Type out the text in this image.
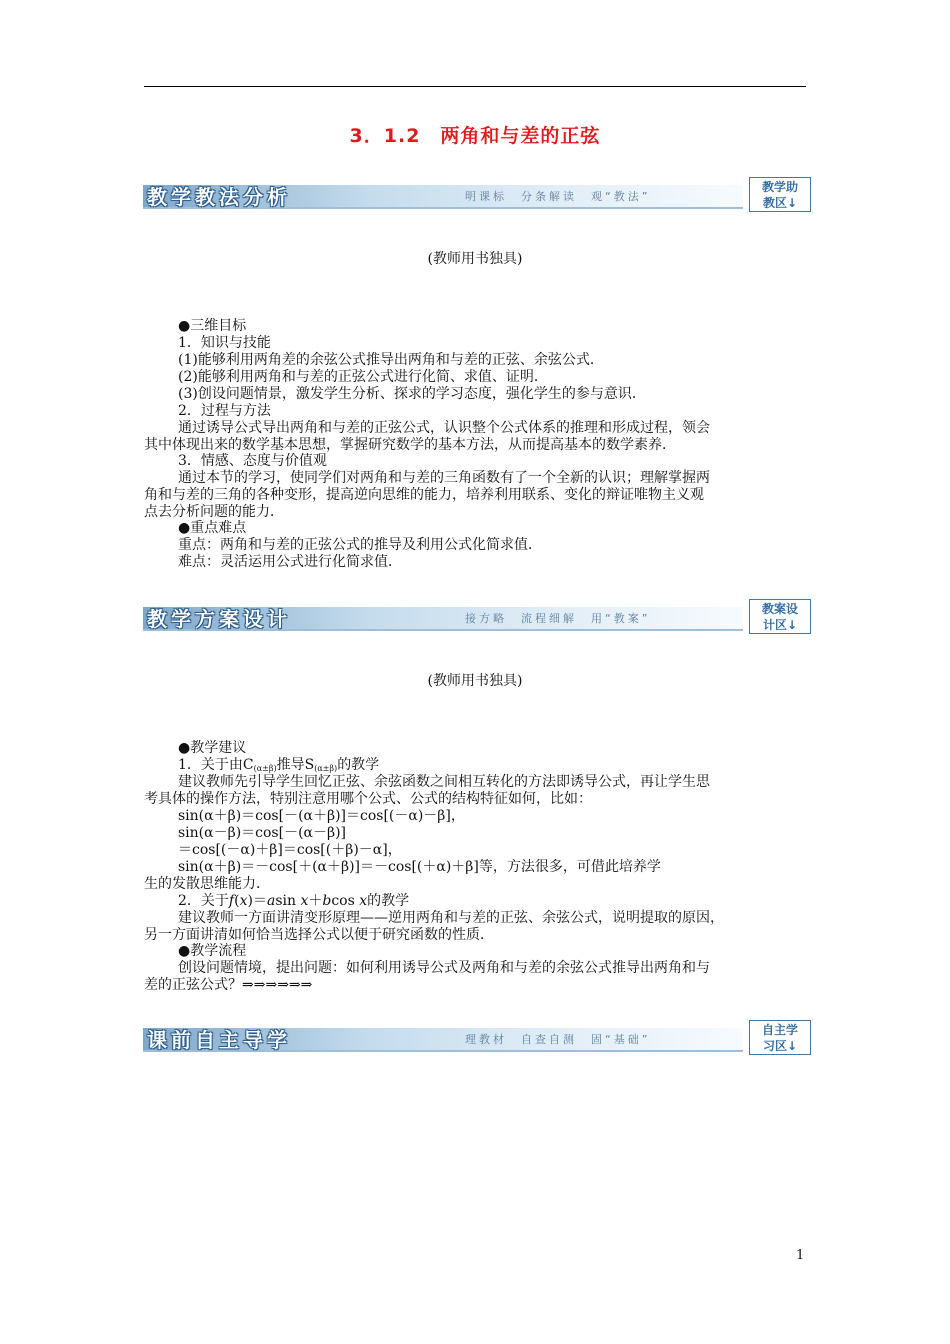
3．1.2　两角和与差的正弦
教学教法分析	明课标　分条解读　观“教法”
教学助
教区↓
(教师用书独具)
●三维目标
1．知识与技能
(1)能够利用两角差的余弦公式推导出两角和与差的正弦、余弦公式．
(2)能够利用两角和与差的正弦公式进行化简、求值、证明．
(3)创设问题情景，激发学生分析、探求的学习态度，强化学生的参与意识．
2．过程与方法
通过诱导公式导出两角和与差的正弦公式，认识整个公式体系的推理和形成过程，领会
其中体现出来的数学基本思想，掌握研究数学的基本方法，从而提高基本的数学素养．
3．情感、态度与价值观
通过本节的学习，使同学们对两角和与差的三角函数有了一个全新的认识；理解掌握两
角和与差的三角的各种变形，提高逆向思维的能力，培养利用联系、变化的辩证唯物主义观
点去分析问题的能力．
●重点难点
重点：两角和与差的正弦公式的推导及利用公式化简求值．
难点：灵活运用公式进行化简求值．
教学方案设计	接方略　流程细解　用“教案”
教案设
计区↓
(教师用书独具)
●教学建议
1．关于由$C_{(\alpha\pm\beta)}$推导$S_{(\alpha\pm\beta)}$的教学
建议教师先引导学生回忆正弦、余弦函数之间相互转化的方法即诱导公式，再让学生思
考具体的操作方法，特别注意用哪个公式、公式的结构特征如何，比如：
sin(α＋β)＝cos[－(α＋β)]＝cos[(－α)－β]，
sin(α－β)＝cos[－(α－β)]
＝cos[(－α)＋β]＝cos[(＋β)－α]，
sin(α＋β)＝－cos[＋(α＋β)]＝－cos[(＋α)＋β]等，方法很多，可借此培养学
生的发散思维能力．
2．关于f(x)＝asin x＋bcos x的教学
建议教师一方面讲清变形原理——逆用两角和与差的正弦、余弦公式，说明提取的原因，
另一方面讲清如何恰当选择公式以便于研究函数的性质．
●教学流程
创设问题情境，提出问题：如何利用诱导公式及两角和与差的余弦公式推导出两角和与
差的正弦公式？⇒⇒⇒⇒⇒⇒
课前自主导学	理教材　自查自测　固“基础”
自主学
习区↓
1
